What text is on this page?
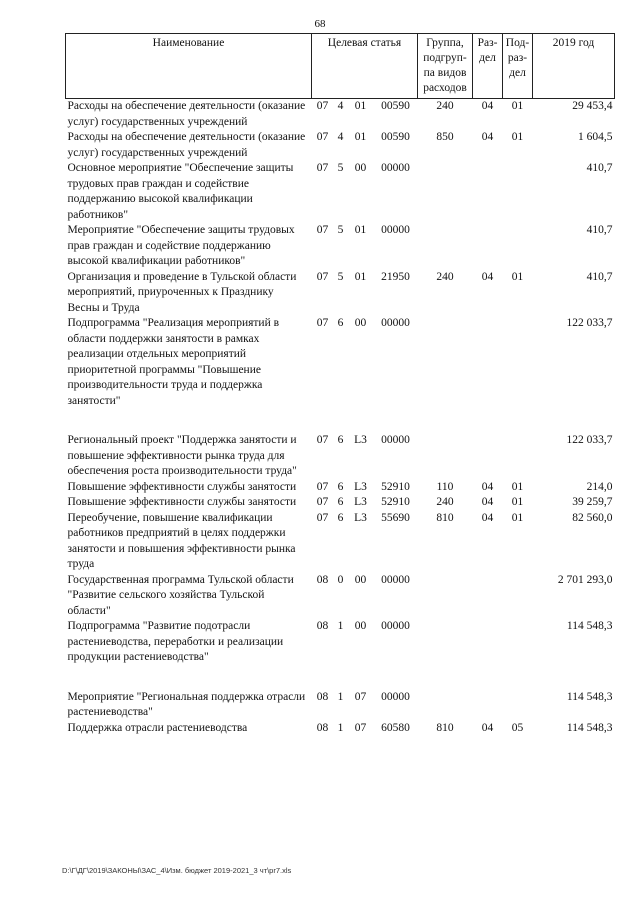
68
Наименование	Целевая статья				Группа, подгруп-па видов расходов	Раз-дел	Под-раз-дел	2019 год
Расходы на обеспечение деятельности (оказание услуг) государственных учреждений	07	4	01	00590	240	04	01	29 453,4
Расходы на обеспечение деятельности (оказание услуг) государственных учреждений	07	4	01	00590	850	04	01	1 604,5
Основное мероприятие "Обеспечение защиты трудовых прав граждан и содействие поддержанию высокой квалификации работников"	07	5	00	00000				410,7
Мероприятие "Обеспечение защиты трудовых прав граждан и содействие поддержанию высокой квалификации работников"	07	5	01	00000				410,7
Организация и проведение в Тульской области мероприятий, приуроченных к Празднику Весны и Труда	07	5	01	21950	240	04	01	410,7
Подпрограмма "Реализация мероприятий в области поддержки занятости в рамках реализации отдельных мероприятий приоритетной программы "Повышение производительности труда и поддержка занятости"	07	6	00	00000				122 033,7

Региональный проект "Поддержка занятости и повышение эффективности рынка труда для обеспечения роста производительности труда"	07	6	L3	00000				122 033,7
Повышение эффективности службы занятости	07	6	L3	52910	110	04	01	214,0
Повышение эффективности службы занятости	07	6	L3	52910	240	04	01	39 259,7
Переобучение, повышение квалификации работников предприятий в целях поддержки занятости и повышения эффективности рынка труда	07	6	L3	55690	810	04	01	82 560,0
Государственная программа Тульской области "Развитие сельского хозяйства Тульской области"	08	0	00	00000				2 701 293,0
Подпрограмма "Развитие подотрасли растениеводства, переработки и реализации продукции растениеводства"	08	1	00	00000				114 548,3

Мероприятие "Региональная поддержка отрасли растениеводства"	08	1	07	00000				114 548,3
Поддержка отрасли растениеводства	08	1	07	60580	810	04	05	114 548,3
D:\Г\ДГ\2019\ЗАКОНЫ\ЗАС_4\Изм. бюджет 2019-2021_3 чт\pr7.xls
